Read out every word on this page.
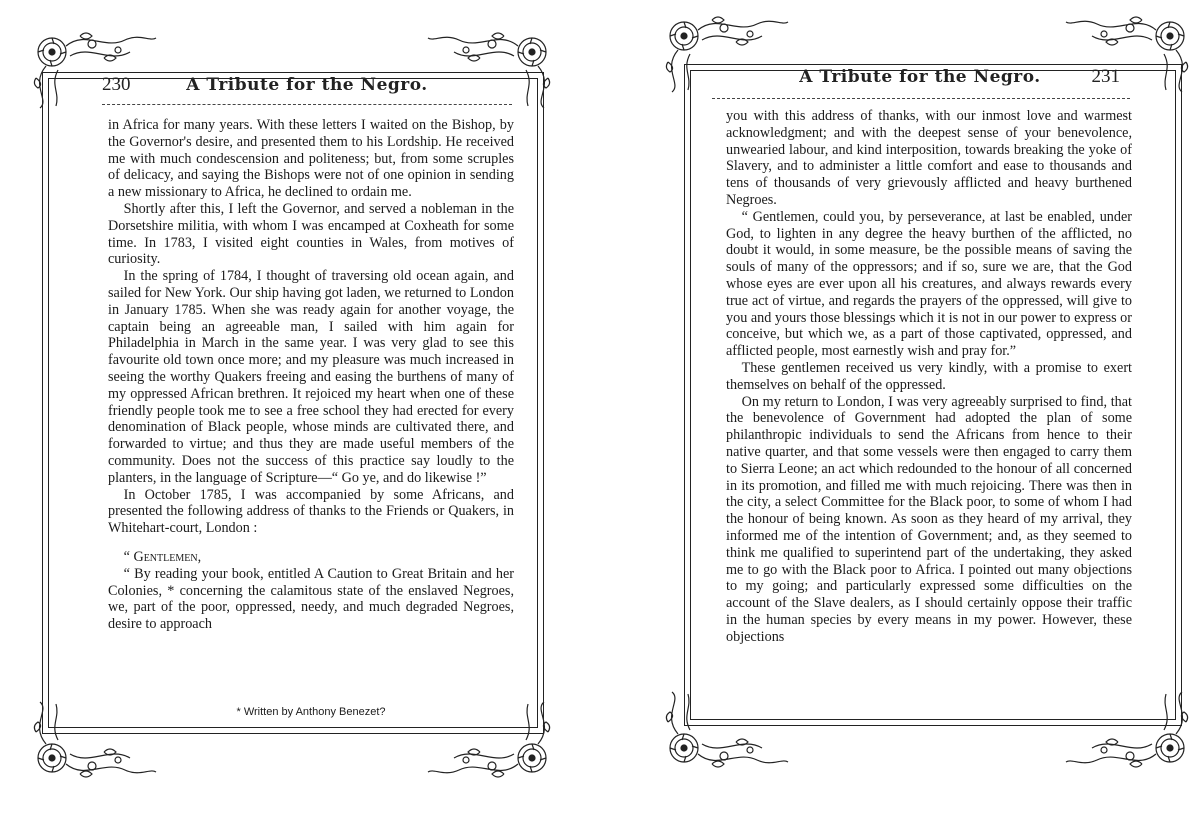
230	A Tribute for the Negro.

in Africa for many years. With these letters I waited on the Bishop, by the Governor's desire, and presented them to his Lordship. He received me with much condescension and politeness; but, from some scruples of delicacy, and saying the Bishops were not of one opinion in sending a new missionary to Africa, he declined to ordain me.

Shortly after this, I left the Governor, and served a nobleman in the Dorsetshire militia, with whom I was encamped at Coxheath for some time. In 1783, I visited eight counties in Wales, from motives of curiosity.

In the spring of 1784, I thought of traversing old ocean again, and sailed for New York. Our ship having got laden, we returned to London in January 1785. When she was ready again for another voyage, the captain being an agreeable man, I sailed with him again for Philadelphia in March in the same year. I was very glad to see this favourite old town once more; and my pleasure was much increased in seeing the worthy Quakers freeing and easing the burthens of many of my oppressed African brethren. It rejoiced my heart when one of these friendly people took me to see a free school they had erected for every denomination of Black people, whose minds are cultivated there, and forwarded to virtue; and thus they are made useful members of the community. Does not the success of this practice say loudly to the planters, in the language of Scripture—“ Go ye, and do likewise !”

In October 1785, I was accompanied by some Africans, and presented the following address of thanks to the Friends or Quakers, in Whitehart-court, London :

“ Gentlemen,

“ By reading your book, entitled A Caution to Great Britain and her Colonies, * concerning the calamitous state of the enslaved Negroes, we, part of the poor, oppressed, needy, and much degraded Negroes, desire to approach

* Written by Anthony Benezet?
A Tribute for the Negro.	231

you with this address of thanks, with our inmost love and warmest acknowledgment; and with the deepest sense of your benevolence, unwearied labour, and kind interposition, towards breaking the yoke of Slavery, and to administer a little comfort and ease to thousands and tens of thousands of very grievously afflicted and heavy burthened Negroes.

“ Gentlemen, could you, by perseverance, at last be enabled, under God, to lighten in any degree the heavy burthen of the afflicted, no doubt it would, in some measure, be the possible means of saving the souls of many of the oppressors; and if so, sure we are, that the God whose eyes are ever upon all his creatures, and always rewards every true act of virtue, and regards the prayers of the oppressed, will give to you and yours those blessings which it is not in our power to express or conceive, but which we, as a part of those captivated, oppressed, and afflicted people, most earnestly wish and pray for.”

These gentlemen received us very kindly, with a promise to exert themselves on behalf of the oppressed.

On my return to London, I was very agreeably surprised to find, that the benevolence of Government had adopted the plan of some philanthropic individuals to send the Africans from hence to their native quarter, and that some vessels were then engaged to carry them to Sierra Leone; an act which redounded to the honour of all concerned in its promotion, and filled me with much rejoicing. There was then in the city, a select Committee for the Black poor, to some of whom I had the honour of being known. As soon as they heard of my arrival, they informed me of the intention of Government; and, as they seemed to think me qualified to superintend part of the undertaking, they asked me to go with the Black poor to Africa. I pointed out many objections to my going; and particularly expressed some difficulties on the account of the Slave dealers, as I should certainly oppose their traffic in the human species by every means in my power. However, these objections
